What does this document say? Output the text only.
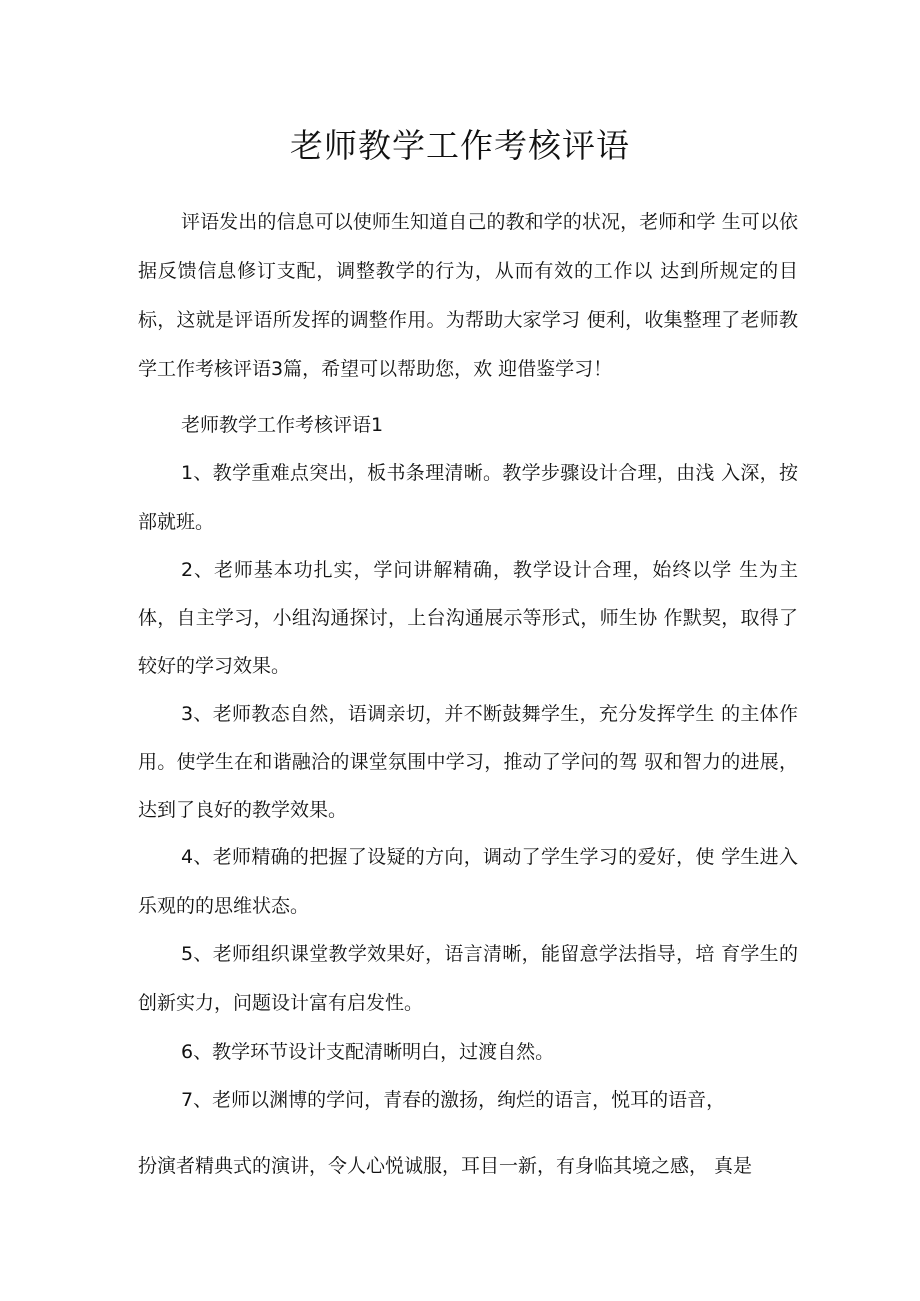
老师教学工作考核评语

评语发出的信息可以使师生知道自己的教和学的状况，老师和学 生可以依据反馈信息修订支配，调整教学的行为，从而有效的工作以 达到所规定的目标，这就是评语所发挥的调整作用。为帮助大家学习 便利，收集整理了老师教学工作考核评语3篇，希望可以帮助您，欢 迎借鉴学习！

老师教学工作考核评语1

1、教学重难点突出，板书条理清晰。教学步骤设计合理，由浅 入深，按部就班。

2、老师基本功扎实，学问讲解精确，教学设计合理，始终以学 生为主体，自主学习，小组沟通探讨，上台沟通展示等形式，师生协 作默契，取得了较好的学习效果。

3、老师教态自然，语调亲切，并不断鼓舞学生，充分发挥学生 的主体作用。使学生在和谐融洽的课堂氛围中学习，推动了学问的驾 驭和智力的进展，达到了良好的教学效果。

4、老师精确的把握了设疑的方向，调动了学生学习的爱好，使 学生进入乐观的的思维状态。

5、老师组织课堂教学效果好，语言清晰，能留意学法指导，培 育学生的创新实力，问题设计富有启发性。

6、教学环节设计支配清晰明白，过渡自然。

7、老师以渊博的学问，青春的激扬，绚烂的语言，悦耳的语音，

扮演者精典式的演讲，令人心悦诚服，耳目一新，有身临其境之感， 真是
